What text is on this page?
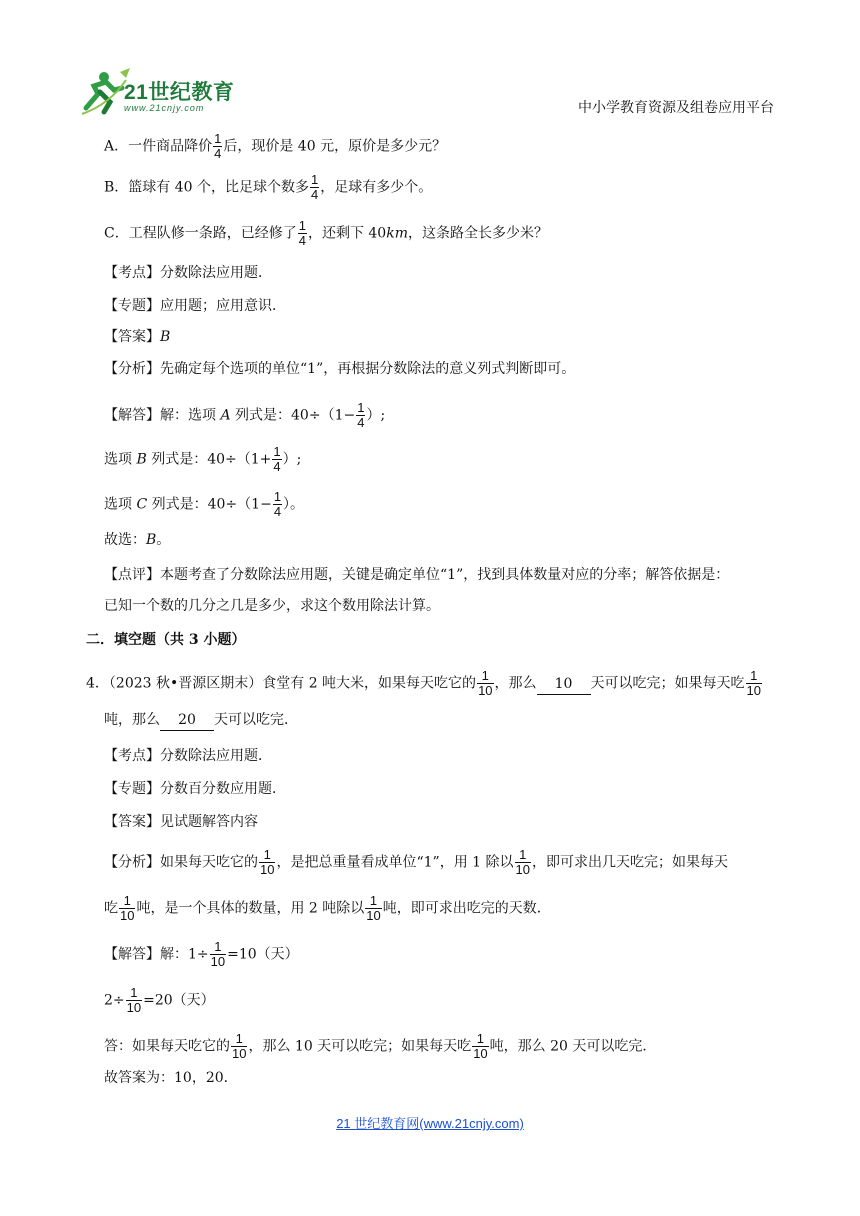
21世纪教育
www.21cnjy.com	中小学教育资源及组卷应用平台
A．一件商品降价 $\frac{1}{4}$ 后，现价是 40 元，原价是多少元？
B．篮球有 40 个，比足球个数多 $\frac{1}{4}$ ，足球有多少个。
C．工程队修一条路，已经修了 $\frac{1}{4}$ ，还剩下 40km，这条路全长多少米？
【考点】分数除法应用题．
【专题】应用题；应用意识．
【答案】B
【分析】先确定每个选项的单位“1”，再根据分数除法的意义列式判断即可。
【解答】解：选项 A 列式是：$40\div(1- \frac{1}{4}$ ）;
选项 B 列式是：$40\div(1+ \frac{1}{4}$ ）;
选项 C 列式是：$40\div(1- \frac{1}{4}$ ）。
故选：B。
【点评】本题考查了分数除法应用题，关键是确定单位“1”，找到具体数量对应的分率；解答依据是：
已知一个数的几分之几是多少，求这个数用除法计算。
二．填空题（共 3 小题）
4．（2023 秋•晋源区期末）食堂有 2 吨大米，如果每天吃它的 $\frac{1}{10}$ ，那么 10 天可以吃完；如果每天吃 $\frac{1}{10}$
吨，那么 20 天可以吃完．
【考点】分数除法应用题．
【专题】分数百分数应用题．
【答案】见试题解答内容
【分析】如果每天吃它的 $\frac{1}{10}$ ，是把总重量看成单位“1”，用 1 除以 $\frac{1}{10}$ ，即可求出几天吃完；如果每天
吃 $\frac{1}{10}$ 吨，是一个具体的数量，用 2 吨除以 $\frac{1}{10}$ 吨，即可求出吃完的天数．
【解答】解：$1\div \frac{1}{10} =10$（天）
$2\div \frac{1}{10} =20$（天）
答：如果每天吃它的 $\frac{1}{10}$ ，那么 10 天可以吃完；如果每天吃 $\frac{1}{10}$ 吨，那么 20 天可以吃完．
故答案为：10，20．
21 世纪教育网(www.21cnjy.com)
